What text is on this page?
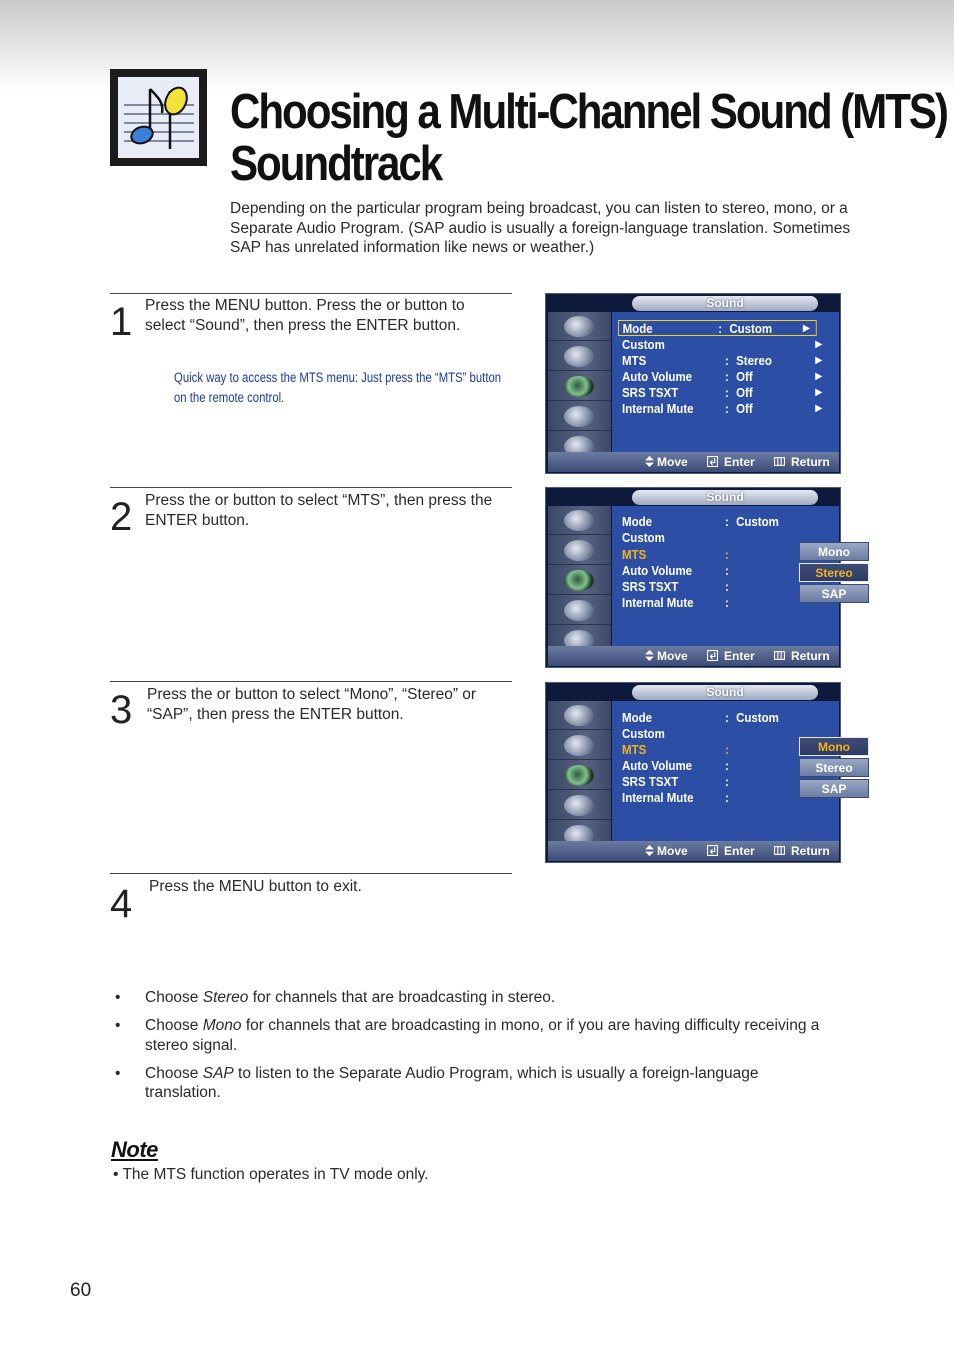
Choosing a Multi-Channel Sound (MTS)
Soundtrack
Depending on the particular program being broadcast, you can listen to stereo, mono, or a Separate Audio Program. (SAP audio is usually a foreign-language translation. Sometimes SAP has unrelated information like news or weather.)
1 Press the MENU button. Press the or button to select “Sound”, then press the ENTER button.
Quick way to access the MTS menu: Just press the “MTS” button on the remote control.
2 Press the or button to select “MTS”, then press the ENTER button.
3 Press the or button to select “Mono”, “Stereo” or “SAP”, then press the ENTER button.
4 Press the MENU button to exit.
Sound
Mode	: Custom	▶
Custom	▶
MTS	: Stereo	▶
Auto Volume	: Off	▶
SRS TSXT	: Off	▶
Internal Mute	: Off	▶
Move	Enter	Return
Sound
Mode	: Custom
Custom
MTS	:
Auto Volume	:
SRS TSXT	:
Internal Mute	:
Mono
Stereo
SAP
Move	Enter	Return
Sound
Mode	: Custom
Custom
MTS	:
Auto Volume	:
SRS TSXT	:
Internal Mute	:
Mono
Stereo
SAP
Move	Enter	Return
• Choose Stereo for channels that are broadcasting in stereo.
• Choose Mono for channels that are broadcasting in mono, or if you are having difficulty receiving a stereo signal.
• Choose SAP to listen to the Separate Audio Program, which is usually a foreign-language translation.
Note
• The MTS function operates in TV mode only.
60
